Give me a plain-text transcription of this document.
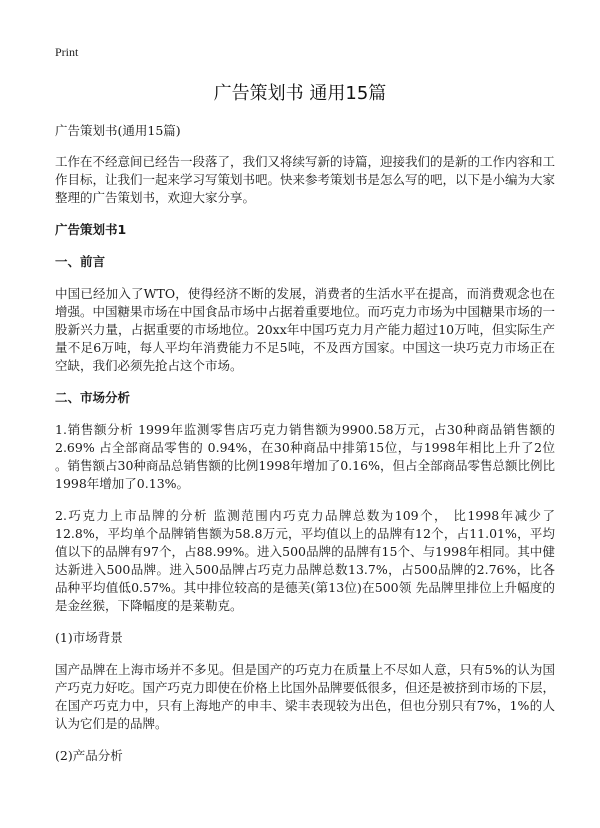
Print
广告策划书 通用15篇

广告策划书(通用15篇)

工作在不经意间已经告一段落了，我们又将续写新的诗篇，迎接我们的是新的工作内容和工作目标，让我们一起来学习写策划书吧。快来参考策划书是怎么写的吧，以下是小编为大家整理的广告策划书，欢迎大家分享。

广告策划书1

一、前言

中国已经加入了WTO，使得经济不断的发展，消费者的生活水平在提高，而消费观念也在增强。中国糖果市场在中国食品市场中占据着重要地位。而巧克力市场为中国糖果市场的一股新兴力量，占据重要的市场地位。20xx年中国巧克力月产能力超过10万吨，但实际生产量不足6万吨，每人平均年消费能力不足5吨，不及西方国家。中国这一块巧克力市场正在空缺，我们必须先抢占这个市场。

二、市场分析

1.销售额分析 1999年监测零售店巧克力销售额为9900.58万元，占30种商品销售额的2.69% 占全部商品零售的 0.94%，在30种商品中排第15位，与1998年相比上升了2位 。销售额占30种商品总销售额的比例1998年增加了0.16%，但占全部商品零售总额比例比1998年增加了0.13%。

2.巧克力上市品牌的分析 监测范围内巧克力品牌总数为109个， 比1998年减少了12.8%，平均单个品牌销售额为58.8万元，平均值以上的品牌有12个，占11.01%，平均值以下的品牌有97个，占88.99%。进入500品牌的品牌有15个、与1998年相同。其中健达新进入500品牌。进入500品牌占巧克力品牌总数13.7%，占500品牌的2.76%，比各品种平均值低0.57%。其中排位较高的是德芙(第13位)在500领 先品牌里排位上升幅度的是金丝猴，下降幅度的是莱勒克。

(1)市场背景

国产品牌在上海市场并不多见。但是国产的巧克力在质量上不尽如人意，只有5%的认为国产巧克力好吃。国产巧克力即使在价格上比国外品牌要低很多，但还是被挤到市场的下层，在国产巧克力中，只有上海地产的申丰、梁丰表现较为出色，但也分别只有7%，1%的人认为它们是的品牌。

(2)产品分析
